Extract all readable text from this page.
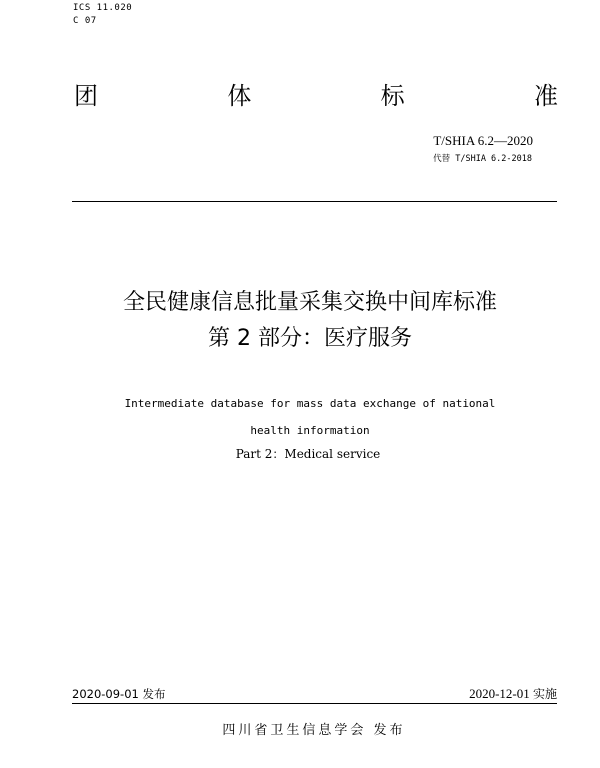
ICS 11.020
C 07
团	体	标	准
T/SHIA 6.2—2020
代替 T/SHIA 6.2-2018
全民健康信息批量采集交换中间库标准
第 2 部分：医疗服务
Intermediate database for mass data exchange of national
health information
Part 2：Medical service
2020-09-01 发布	2020-12-01 实施
四川省卫生信息学会 发布
